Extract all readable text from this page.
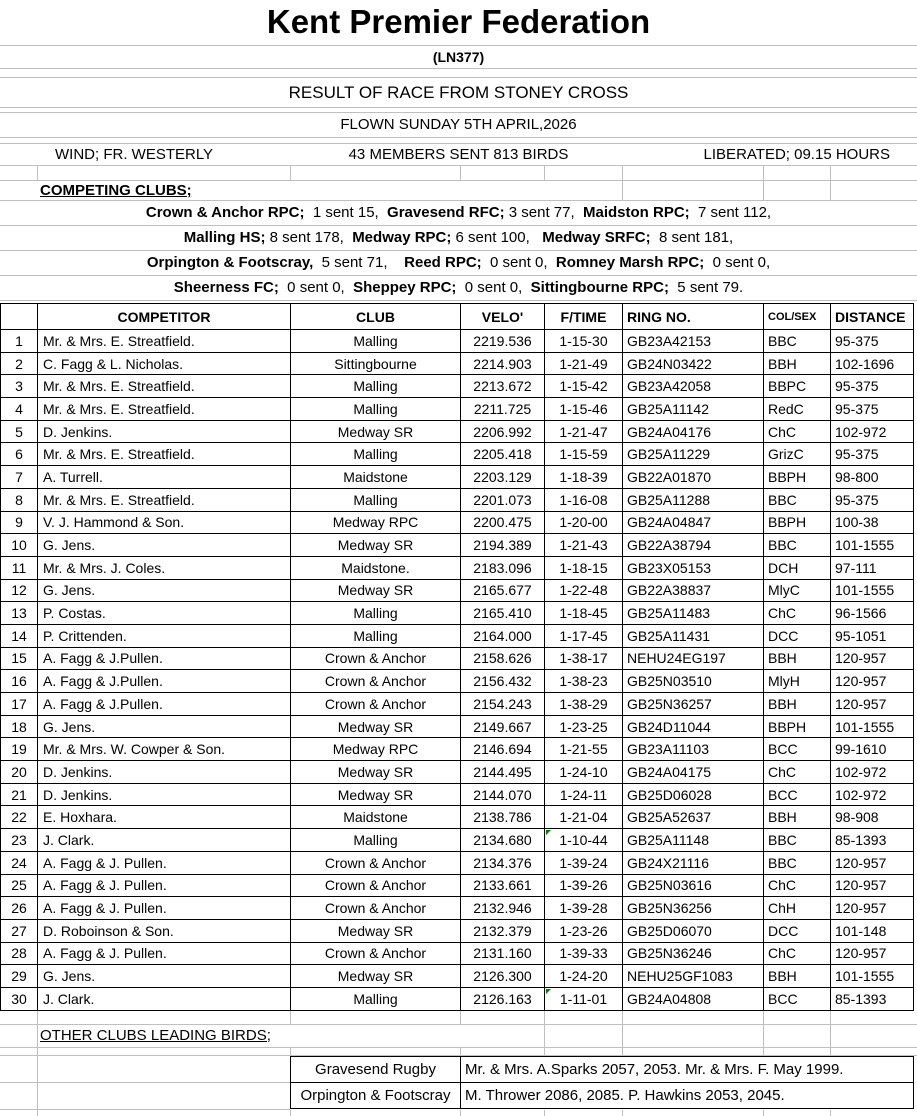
Kent Premier Federation
(LN377)
RESULT OF RACE FROM STONEY CROSS
FLOWN SUNDAY 5TH APRIL,2026
WIND; FR. WESTERLY	43 MEMBERS SENT 813 BIRDS	LIBERATED; 09.15 HOURS
COMPETING CLUBS;
Crown & Anchor RPC;  1 sent 15,  Gravesend RFC; 3 sent 77,  Maidston RPC;  7 sent 112,
Malling HS; 8 sent 178,  Medway RPC; 6 sent 100,   Medway SRFC;  8 sent 181,
Orpington & Footscray,  5 sent 71,    Reed RPC;  0 sent 0,  Romney Marsh RPC;  0 sent 0,
Sheerness FC;  0 sent 0,  Sheppey RPC;  0 sent 0,  Sittingbourne RPC;  5 sent 79.
	COMPETITOR	CLUB	VELO'	F/TIME	RING NO.	COL/SEX	DISTANCE
1	Mr. & Mrs. E. Streatfield.	Malling	2219.536	1-15-30	GB23A42153	BBC	95-375
2	C. Fagg & L. Nicholas.	Sittingbourne	2214.903	1-21-49	GB24N03422	BBH	102-1696
3	Mr. & Mrs. E. Streatfield.	Malling	2213.672	1-15-42	GB23A42058	BBPC	95-375
4	Mr. & Mrs. E. Streatfield.	Malling	2211.725	1-15-46	GB25A11142	RedC	95-375
5	D. Jenkins.	Medway SR	2206.992	1-21-47	GB24A04176	ChC	102-972
6	Mr. & Mrs. E. Streatfield.	Malling	2205.418	1-15-59	GB25A11229	GrizC	95-375
7	A. Turrell.	Maidstone	2203.129	1-18-39	GB22A01870	BBPH	98-800
8	Mr. & Mrs. E. Streatfield.	Malling	2201.073	1-16-08	GB25A11288	BBC	95-375
9	V. J. Hammond & Son.	Medway RPC	2200.475	1-20-00	GB24A04847	BBPH	100-38
10	G. Jens.	Medway SR	2194.389	1-21-43	GB22A38794	BBC	101-1555
11	Mr. & Mrs. J. Coles.	Maidstone.	2183.096	1-18-15	GB23X05153	DCH	97-111
12	G. Jens.	Medway SR	2165.677	1-22-48	GB22A38837	MlyC	101-1555
13	P. Costas.	Malling	2165.410	1-18-45	GB25A11483	ChC	96-1566
14	P. Crittenden.	Malling	2164.000	1-17-45	GB25A11431	DCC	95-1051
15	A. Fagg & J.Pullen.	Crown & Anchor	2158.626	1-38-17	NEHU24EG197	BBH	120-957
16	A. Fagg & J.Pullen.	Crown & Anchor	2156.432	1-38-23	GB25N03510	MlyH	120-957
17	A. Fagg & J.Pullen.	Crown & Anchor	2154.243	1-38-29	GB25N36257	BBH	120-957
18	G. Jens.	Medway SR	2149.667	1-23-25	GB24D11044	BBPH	101-1555
19	Mr. & Mrs. W. Cowper & Son.	Medway RPC	2146.694	1-21-55	GB23A11103	BCC	99-1610
20	D. Jenkins.	Medway SR	2144.495	1-24-10	GB24A04175	ChC	102-972
21	D. Jenkins.	Medway SR	2144.070	1-24-11	GB25D06028	BCC	102-972
22	E. Hoxhara.	Maidstone	2138.786	1-21-04	GB25A52637	BBH	98-908
23	J. Clark.	Malling	2134.680	1-10-44	GB25A11148	BBC	85-1393
24	A. Fagg & J. Pullen.	Crown & Anchor	2134.376	1-39-24	GB24X21116	BBC	120-957
25	A. Fagg & J. Pullen.	Crown & Anchor	2133.661	1-39-26	GB25N03616	ChC	120-957
26	A. Fagg & J. Pullen.	Crown & Anchor	2132.946	1-39-28	GB25N36256	ChH	120-957
27	D. Roboinson & Son.	Medway SR	2132.379	1-23-26	GB25D06070	DCC	101-148
28	A. Fagg & J. Pullen.	Crown & Anchor	2131.160	1-39-33	GB25N36246	ChC	120-957
29	G. Jens.	Medway SR	2126.300	1-24-20	NEHU25GF1083	BBH	101-1555
30	J. Clark.	Malling	2126.163	1-11-01	GB24A04808	BCC	85-1393
OTHER CLUBS LEADING BIRDS;
Gravesend Rugby	Mr. & Mrs. A.Sparks 2057, 2053. Mr. & Mrs. F. May 1999.
Orpington & Footscray	M. Thrower 2086, 2085. P. Hawkins 2053, 2045.
